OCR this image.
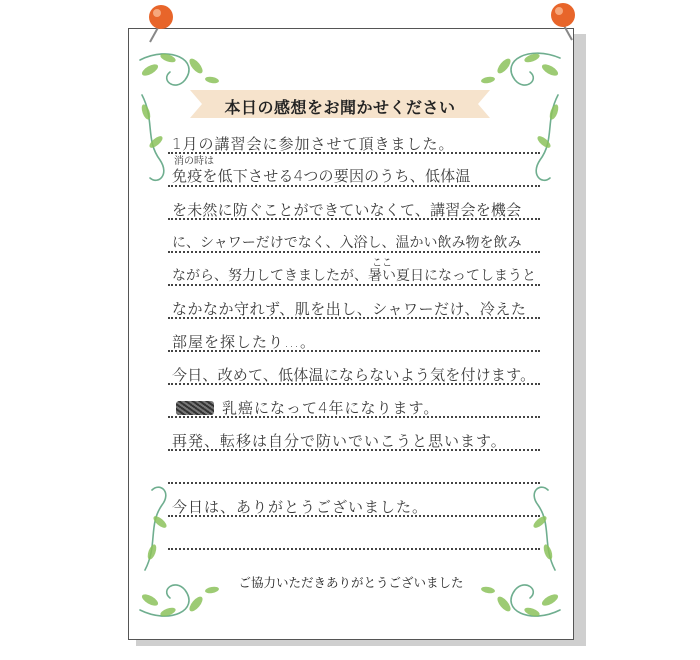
本日の感想をお聞かせください
1月の講習会に参加させて頂きました。
消の時は
免疫を低下させる4つの要因のうち、低体温
を未然に防ぐことができていなくて、講習会を機会
に、シャワーだけでなく、入浴し、温かい飲み物を飲み
ここ
ながら、努力してきましたが、暑い夏日になってしまうと
なかなか守れず、肌を出し、シャワーだけ、冷えた
部屋を探したり…。
今日、改めて、低体温にならないよう気を付けます。
乳癌になって4年になります。
再発、転移は自分で防いでいこうと思います。
今日は、ありがとうございました。
ご協力いただきありがとうございました
